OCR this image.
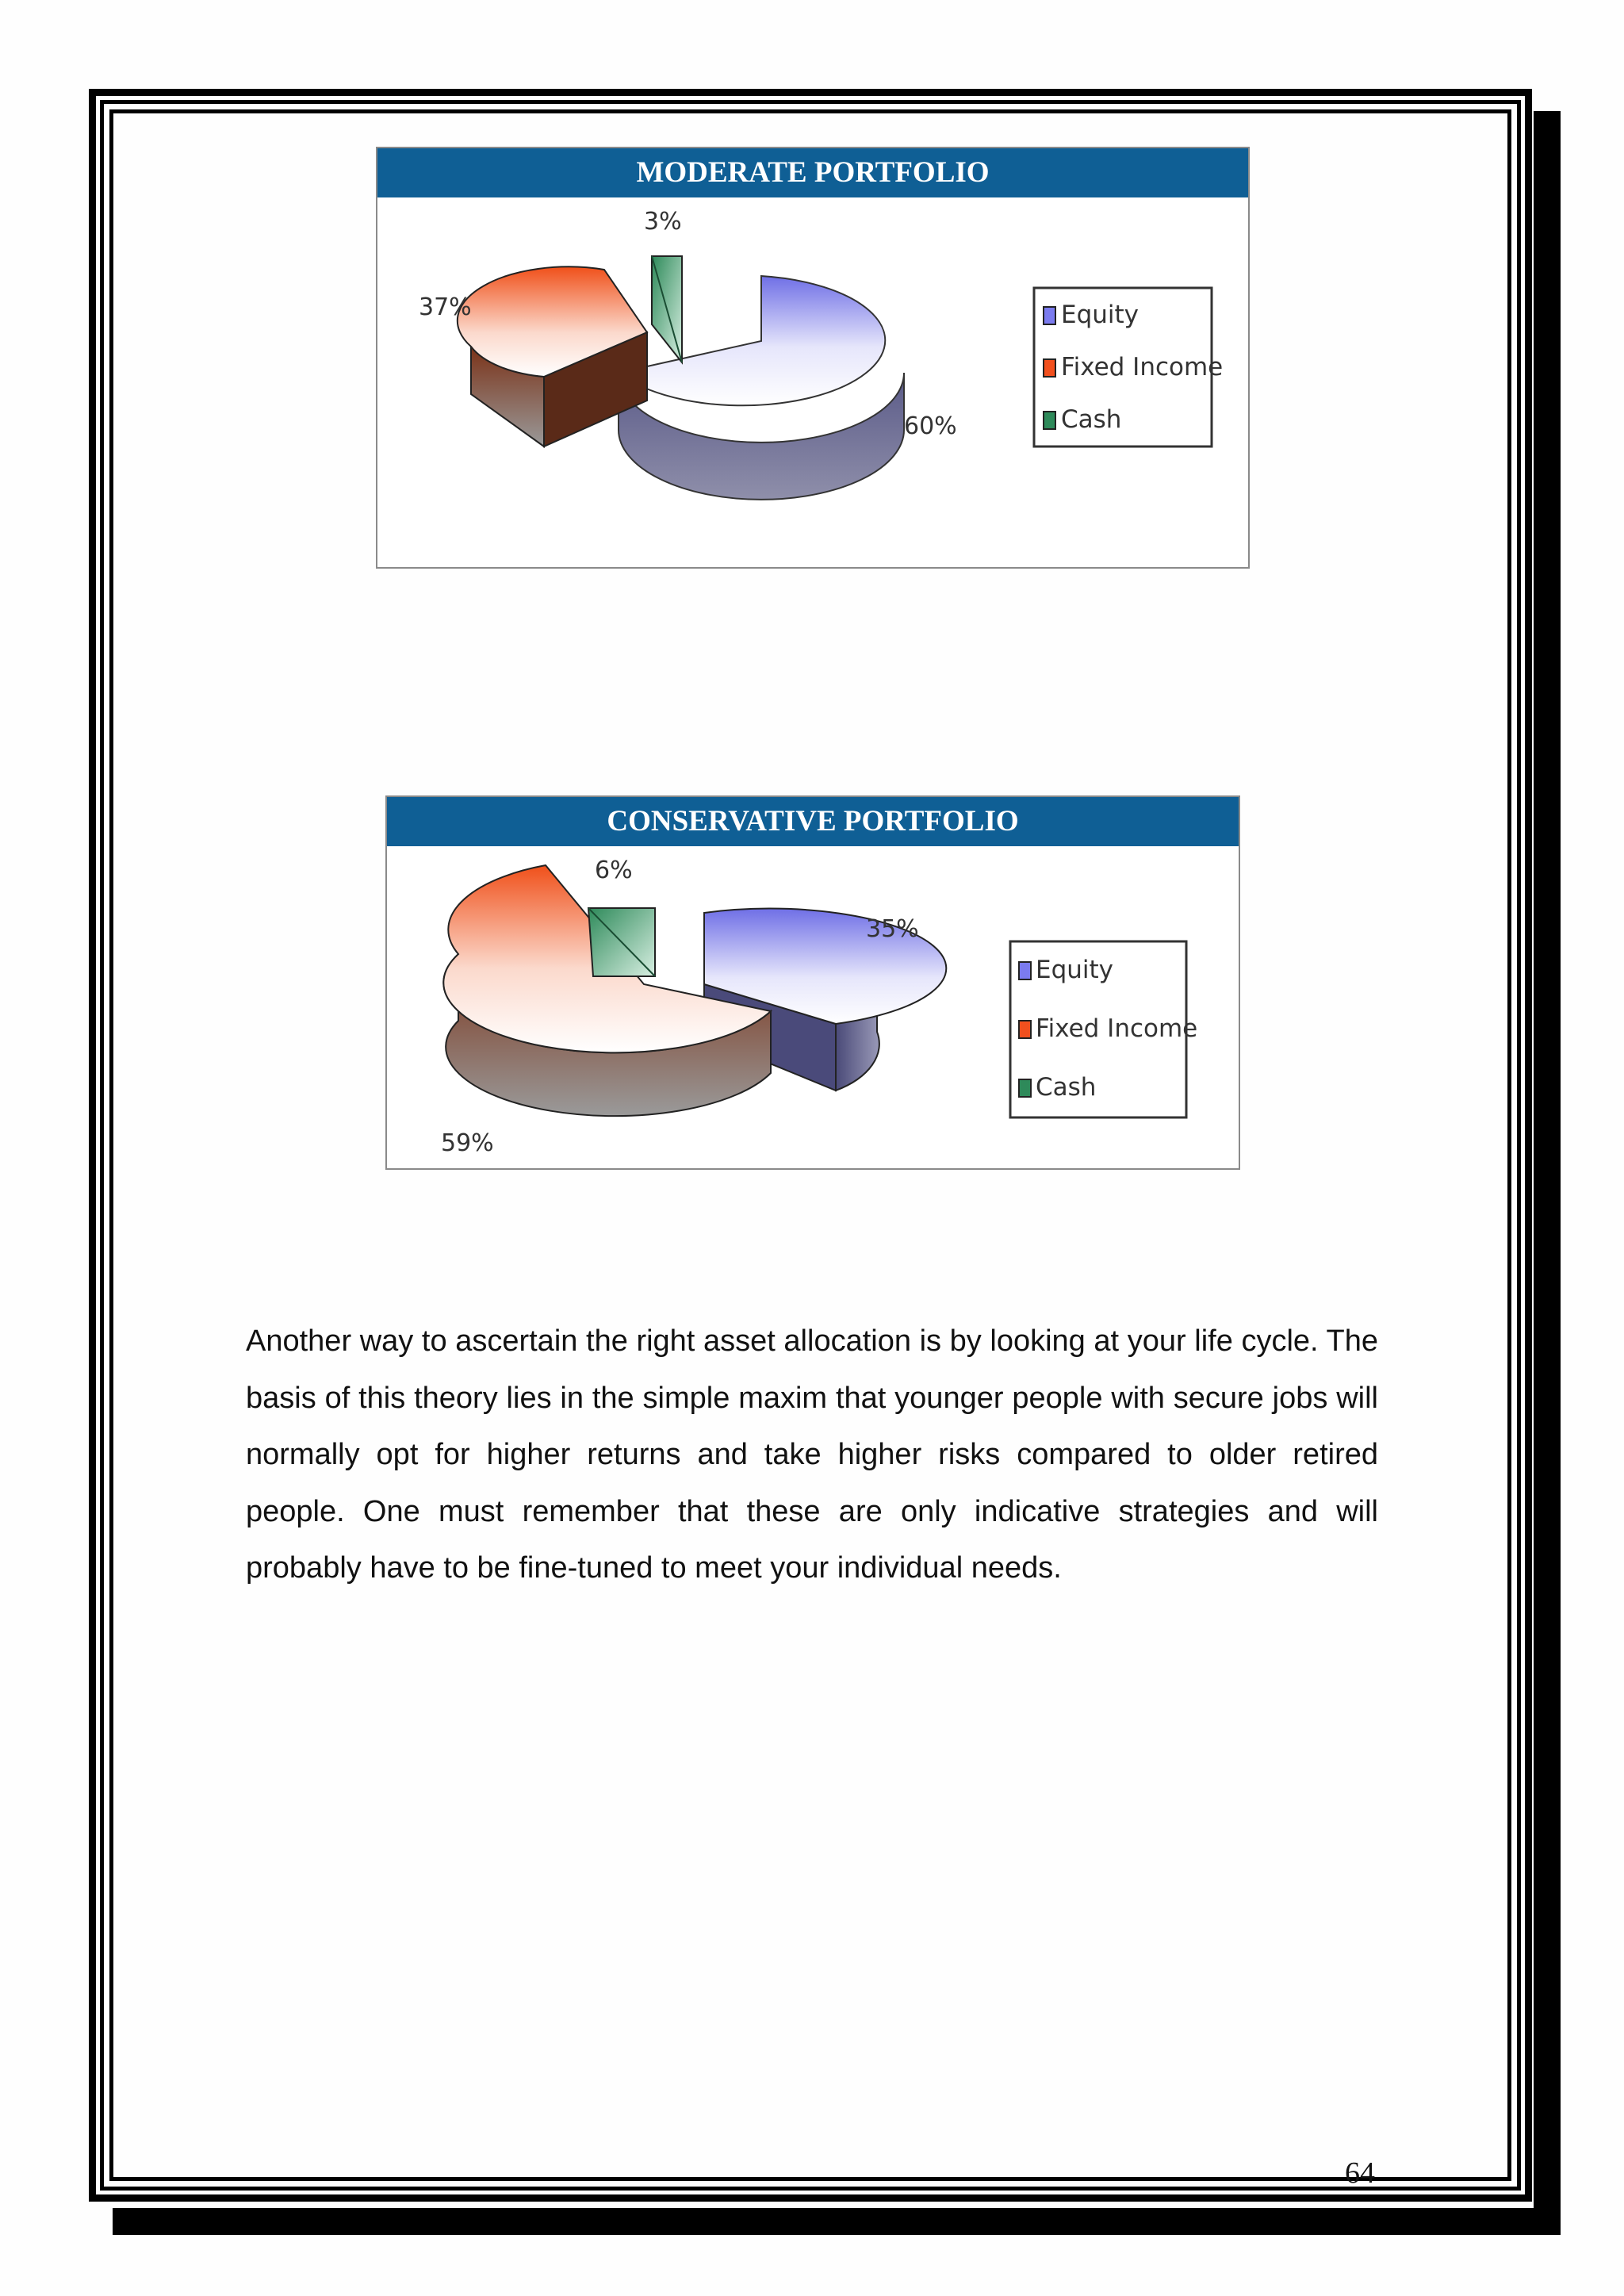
3%
37%
60%
Equity
Fixed Income
Cash
MODERATE PORTFOLIO
6%
35%
59%
Equity
Fixed Income
Cash
CONSERVATIVE PORTFOLIO

Another way to ascertain the right asset allocation is by looking at your life cycle. The basis of this theory lies in the simple maxim that younger people with secure jobs will normally opt for higher returns and take higher risks compared to older retired people. One must remember that these are only indicative strategies and will probably have to be fine-tuned to meet your individual needs.

64
